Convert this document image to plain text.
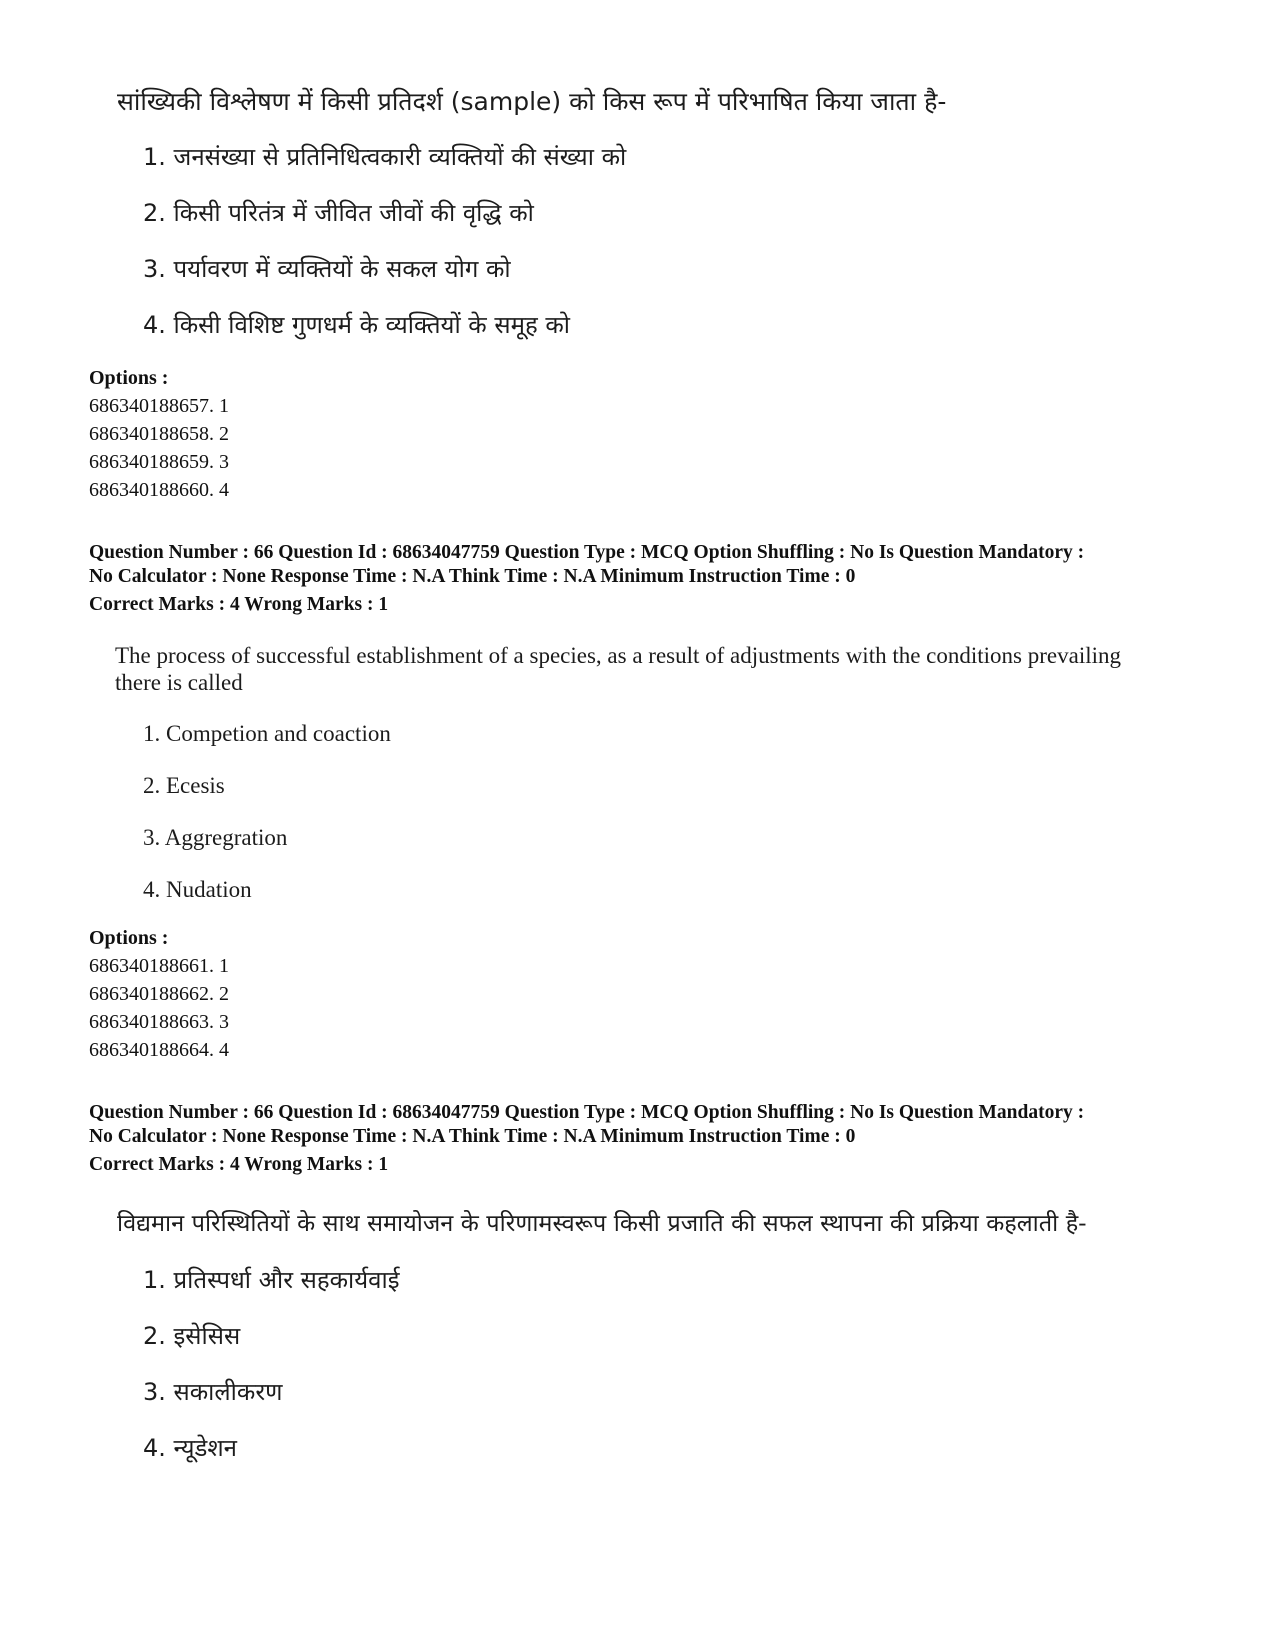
सांख्यिकी विश्लेषण में किसी प्रतिदर्श (sample) को किस रूप में परिभाषित किया जाता है-
1. जनसंख्या से प्रतिनिधित्वकारी व्यक्तियों की संख्या को
2. किसी परितंत्र में जीवित जीवों की वृद्धि को
3. पर्यावरण में व्यक्तियों के सकल योग को
4. किसी विशिष्ट गुणधर्म के व्यक्तियों के समूह को
Options :
686340188657. 1
686340188658. 2
686340188659. 3
686340188660. 4
Question Number : 66 Question Id : 68634047759 Question Type : MCQ Option Shuffling : No Is Question Mandatory :
No Calculator : None Response Time : N.A Think Time : N.A Minimum Instruction Time : 0
Correct Marks : 4 Wrong Marks : 1
The process of successful establishment of a species, as a result of adjustments with the conditions prevailing there is called
1. Competion and coaction
2. Ecesis
3. Aggregration
4. Nudation
Options :
686340188661. 1
686340188662. 2
686340188663. 3
686340188664. 4
Question Number : 66 Question Id : 68634047759 Question Type : MCQ Option Shuffling : No Is Question Mandatory :
No Calculator : None Response Time : N.A Think Time : N.A Minimum Instruction Time : 0
Correct Marks : 4 Wrong Marks : 1
विद्यमान परिस्थितियों के साथ समायोजन के परिणामस्वरूप किसी प्रजाति की सफल स्थापना की प्रक्रिया कहलाती है-
1. प्रतिस्पर्धा और सहकार्यवाई
2. इसेसिस
3. सकालीकरण
4. न्यूडेशन
